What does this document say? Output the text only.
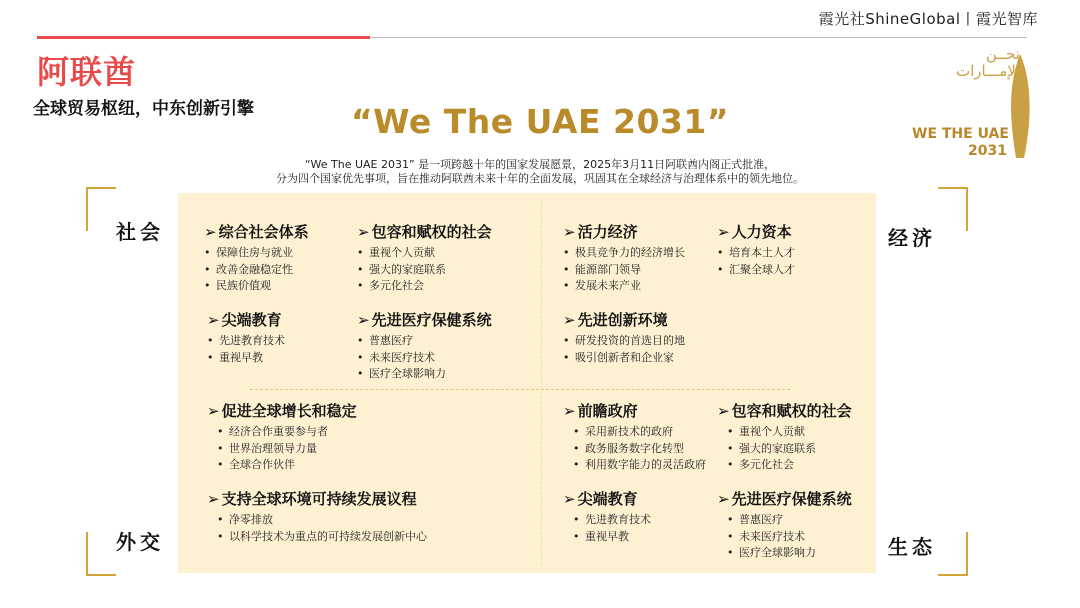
霞光社ShineGlobal丨霞光智库
阿联酋
全球贸易枢纽，中东创新引擎	“We The UAE 2031”
“We The UAE 2031” 是一项跨越十年的国家发展愿景，2025年3月11日阿联酋内阁正式批准，
分为四个国家优先事项，旨在推动阿联酋未来十年的全面发展，巩固其在全球经济与治理体系中的领先地位。
نحــن
الإمـــارات
WE THE UAE
2031
社会	经济
外交	生态
➢ 综合社会体系
• 保障住房与就业
• 改善金融稳定性
• 民族价值观
➢ 包容和赋权的社会
• 重视个人贡献
• 强大的家庭联系
• 多元化社会
➢ 尖端教育
• 先进教育技术
• 重视早教
➢ 先进医疗保健系统
• 普惠医疗
• 未来医疗技术
• 医疗全球影响力
➢ 活力经济
• 极具竞争力的经济增长
• 能源部门领导
• 发展未来产业
➢ 人力资本
• 培育本土人才
• 汇聚全球人才
➢ 先进创新环境
• 研发投资的首选目的地
• 吸引创新者和企业家
➢ 促进全球增长和稳定
• 经济合作重要参与者
• 世界治理领导力量
• 全球合作伙伴
➢ 支持全球环境可持续发展议程
• 净零排放
• 以科学技术为重点的可持续发展创新中心
➢ 前瞻政府
• 采用新技术的政府
• 政务服务数字化转型
• 利用数字能力的灵活政府
➢ 包容和赋权的社会
• 重视个人贡献
• 强大的家庭联系
• 多元化社会
➢ 尖端教育
• 先进教育技术
• 重视早教
➢ 先进医疗保健系统
• 普惠医疗
• 未来医疗技术
• 医疗全球影响力
